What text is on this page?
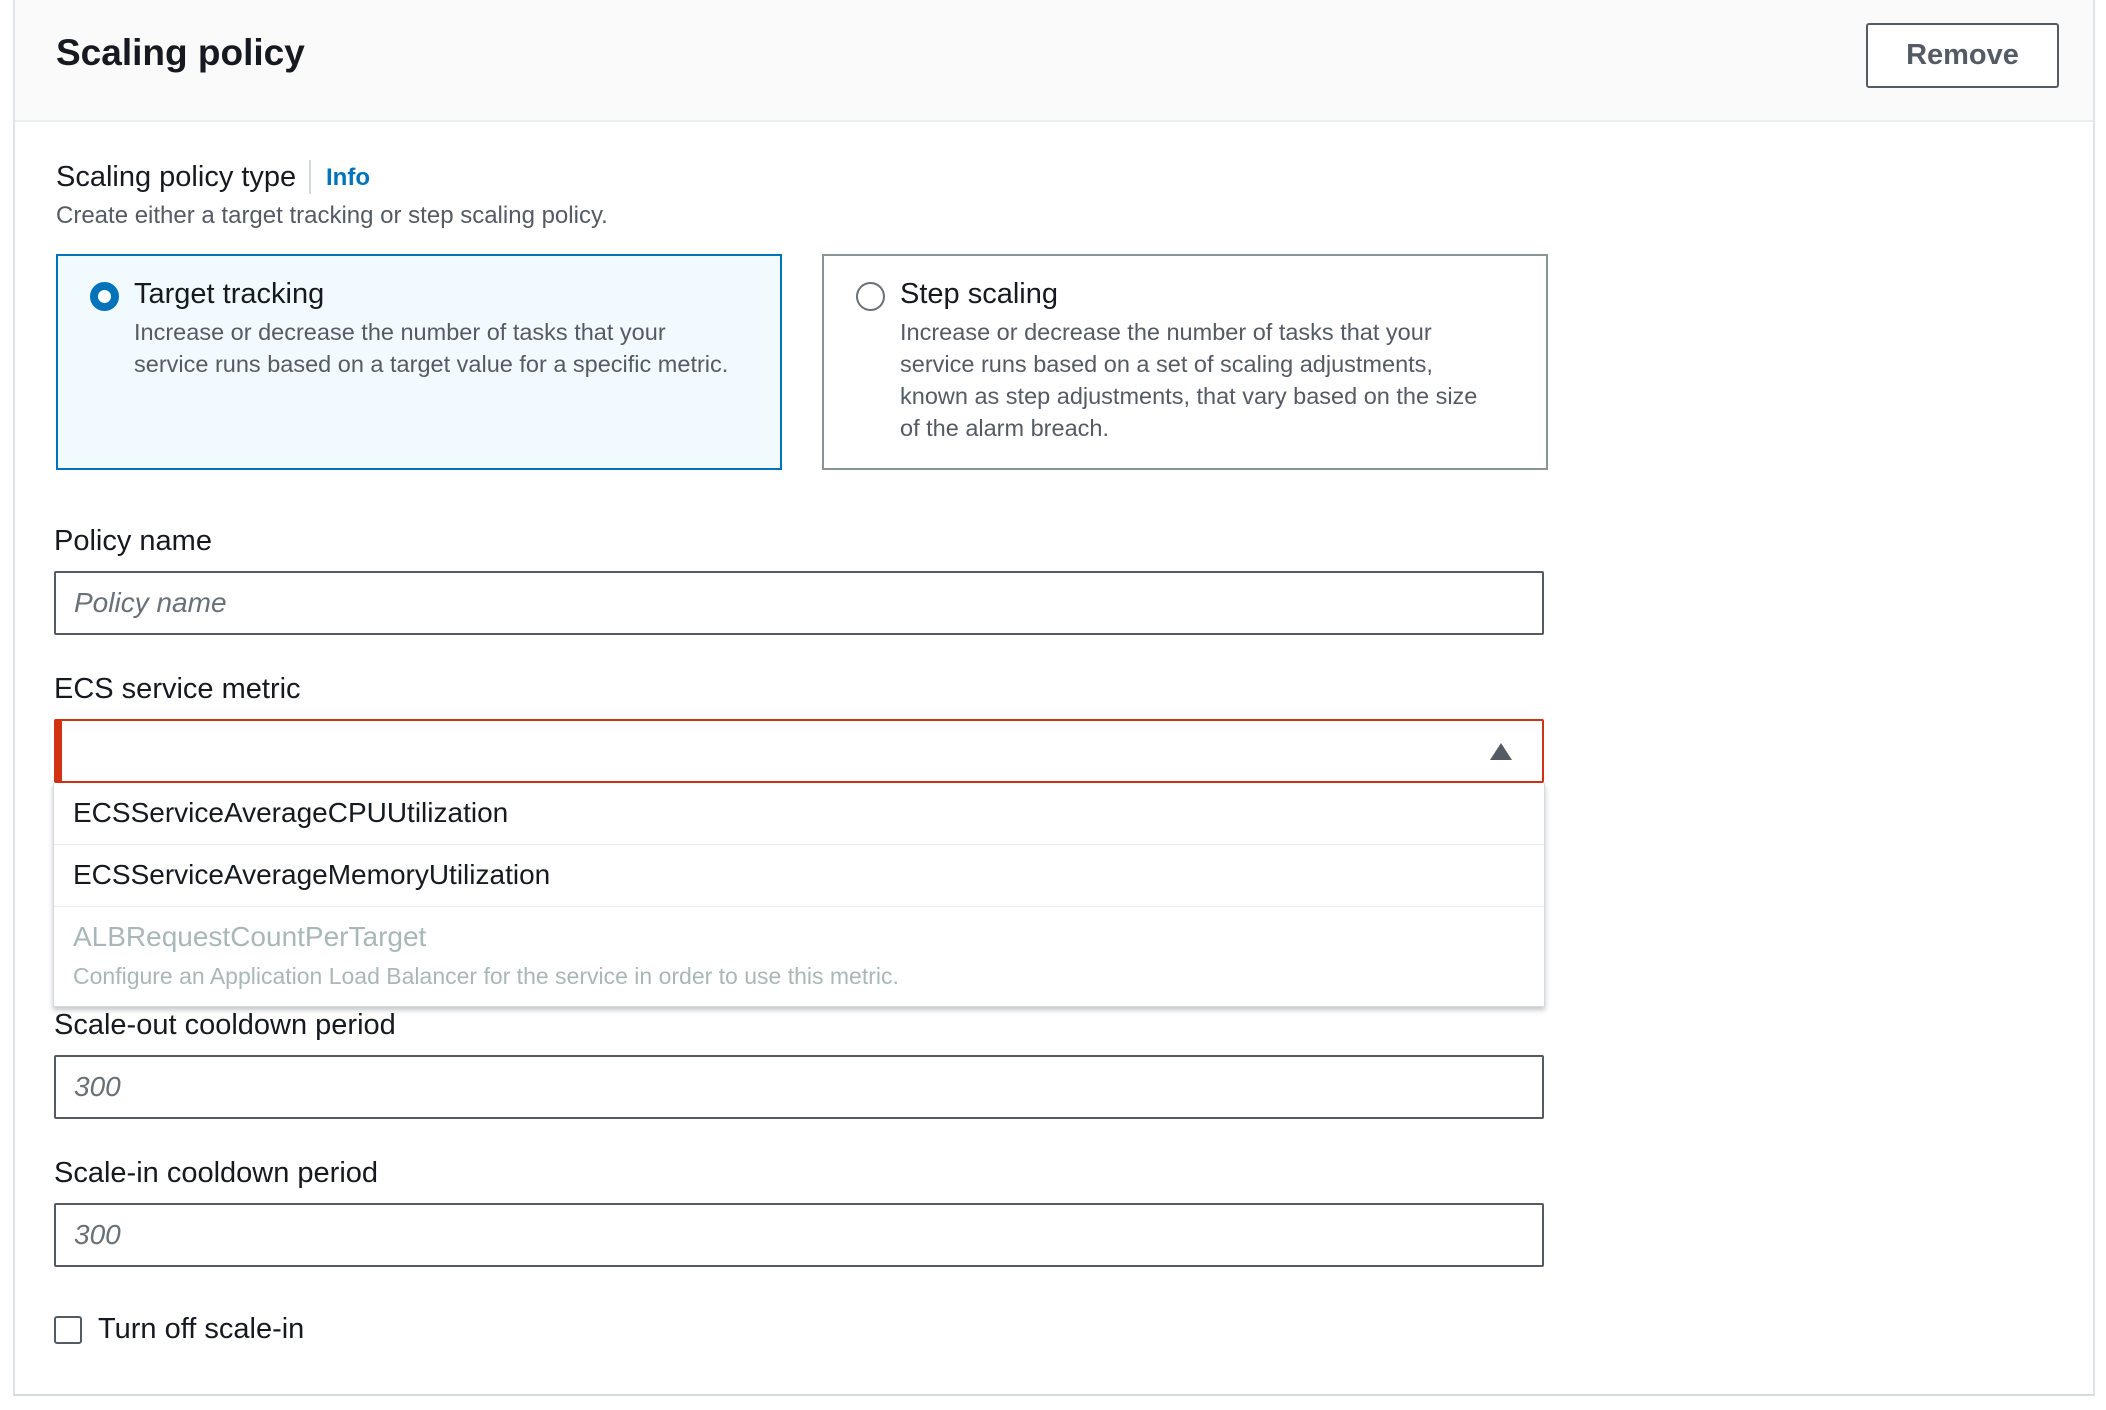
Scaling policy	Remove
Scaling policy type Info
Create either a target tracking or step scaling policy.
Target tracking
Increase or decrease the number of tasks that your service runs based on a target value for a specific metric.
Step scaling
Increase or decrease the number of tasks that your service runs based on a set of scaling adjustments, known as step adjustments, that vary based on the size of the alarm breach.
Policy name
Policy name
ECS service metric
Scale-out cooldown period
300
Scale-in cooldown period
300
Turn off scale-in
ECSServiceAverageCPUUtilization
ECSServiceAverageMemoryUtilization
ALBRequestCountPerTarget
Configure an Application Load Balancer for the service in order to use this metric.
